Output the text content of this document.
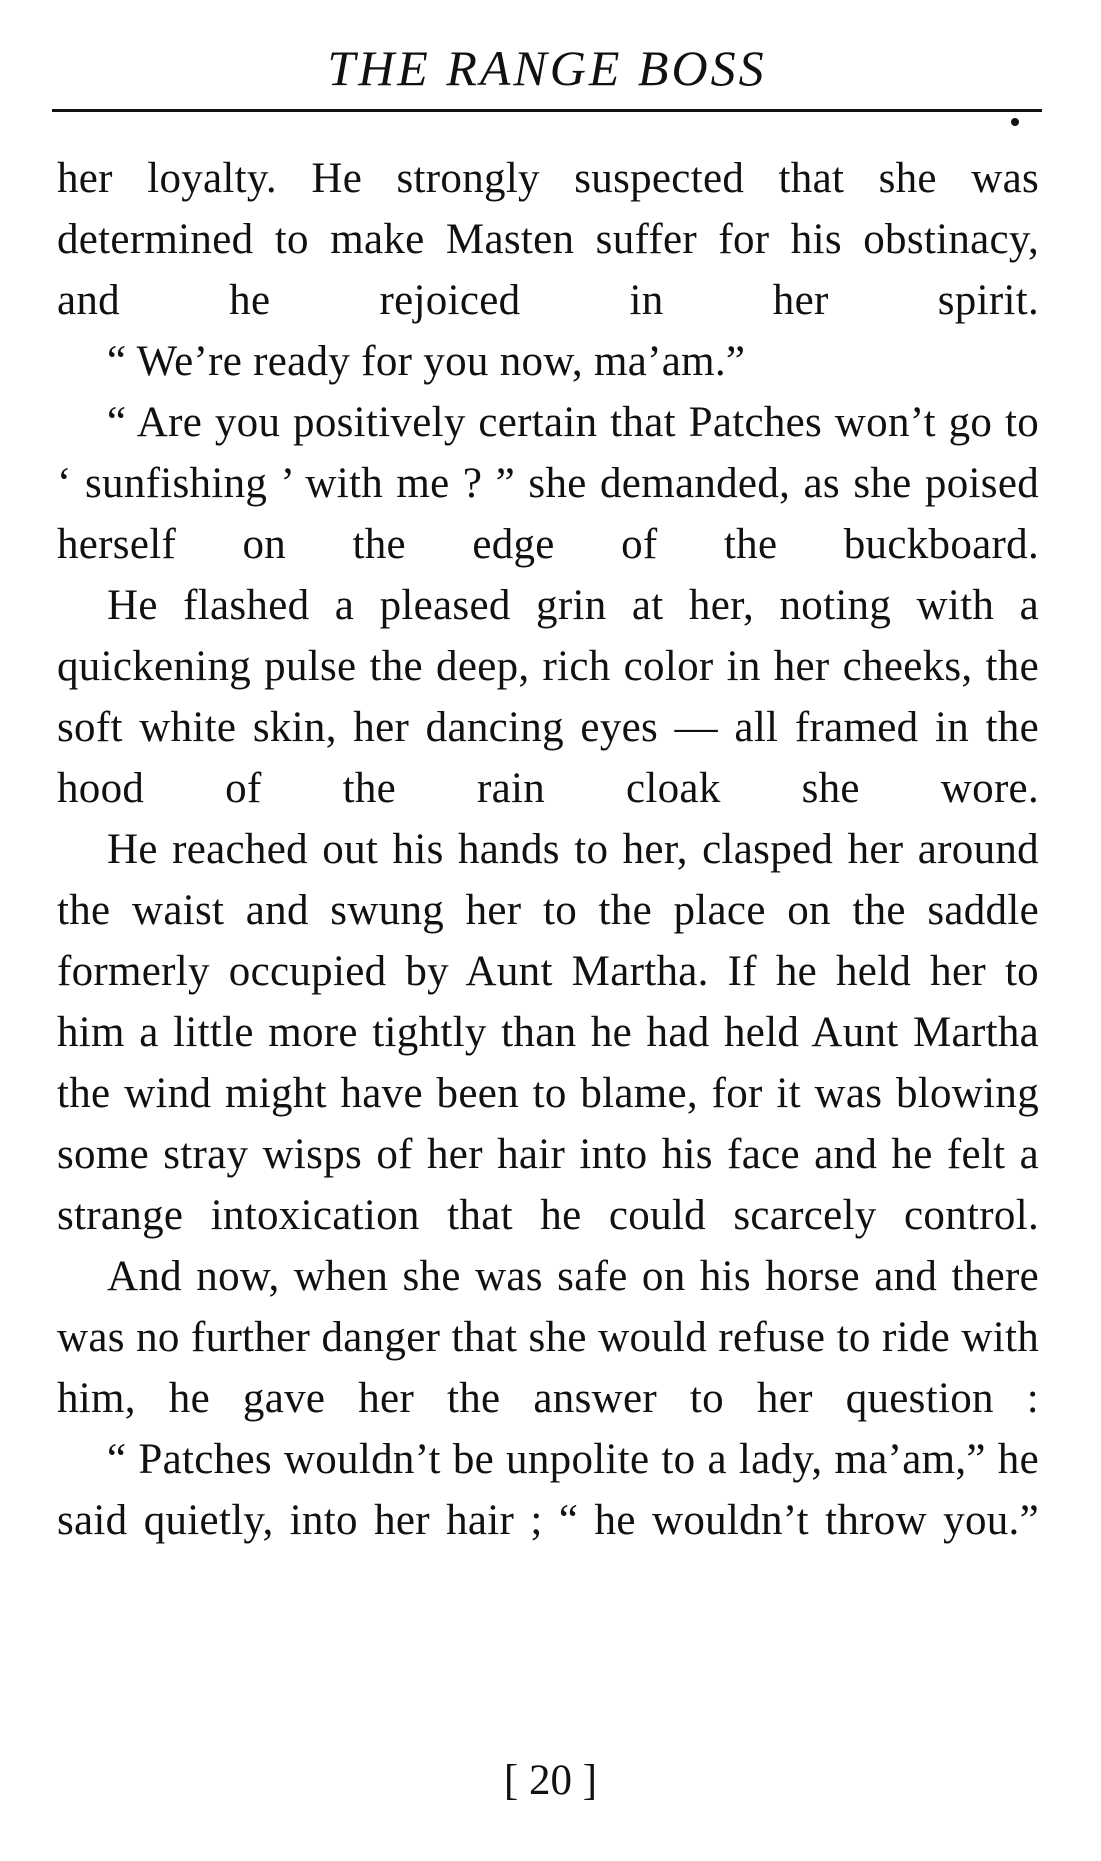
THE RANGE BOSS

her loyalty. He strongly suspected that she was determined to make Masten suffer for his obstinacy, and he rejoiced in her spirit.

“ We’re ready for you now, ma’am.”

“ Are you positively certain that Patches won’t go to ‘ sunfishing ’ with me ? ” she demanded, as she poised herself on the edge of the buckboard.

He flashed a pleased grin at her, noting with a quickening pulse the deep, rich color in her cheeks, the soft white skin, her dancing eyes — all framed in the hood of the rain cloak she wore.

He reached out his hands to her, clasped her around the waist and swung her to the place on the saddle formerly occupied by Aunt Martha. If he held her to him a little more tightly than he had held Aunt Martha the wind might have been to blame, for it was blowing some stray wisps of her hair into his face and he felt a strange intoxication that he could scarcely control.

And now, when she was safe on his horse and there was no further danger that she would refuse to ride with him, he gave her the answer to her question :

“ Patches wouldn’t be unpolite to a lady, ma’am,” he said quietly, into her hair ; “ he wouldn’t throw you.”

[ 20 ]
